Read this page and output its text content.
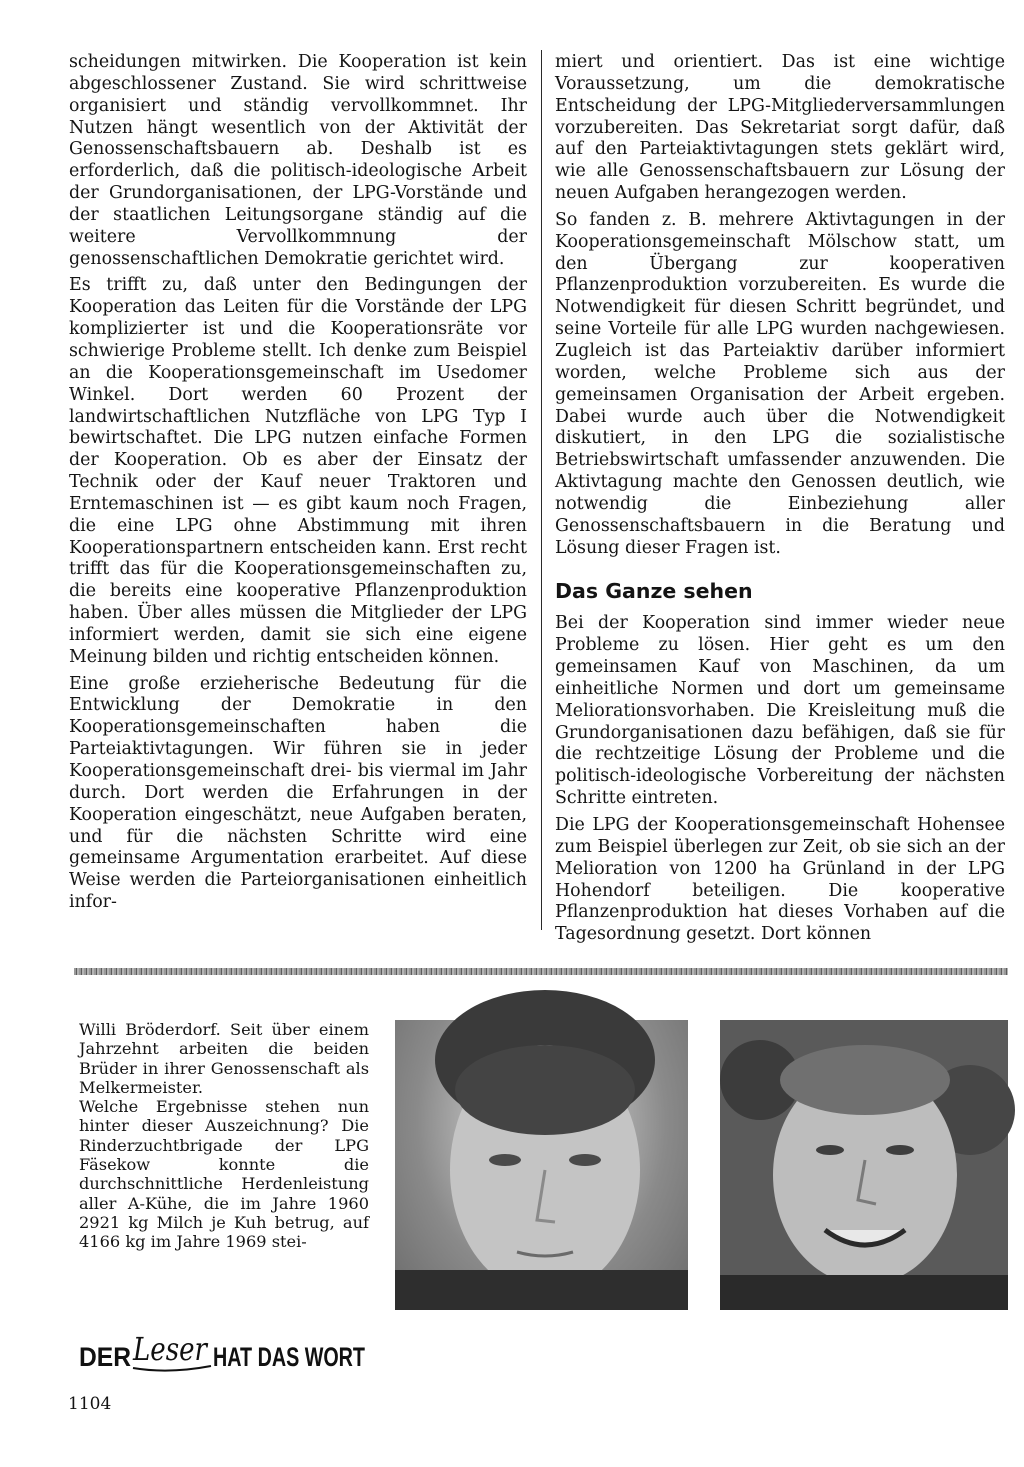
scheidungen mitwirken. Die Kooperation ist kein abgeschlossener Zustand. Sie wird schrittweise organisiert und ständig vervollkommnet. Ihr Nutzen hängt wesentlich von der Aktivität der Genossenschaftsbauern ab. Deshalb ist es erforderlich, daß die politisch-ideologische Arbeit der Grundorganisationen, der LPG-Vorstände und der staatlichen Leitungsorgane ständig auf die weitere Vervollkommnung der genossenschaftlichen Demokratie gerichtet wird.

Es trifft zu, daß unter den Bedingungen der Kooperation das Leiten für die Vorstände der LPG komplizierter ist und die Kooperationsräte vor schwierige Probleme stellt. Ich denke zum Beispiel an die Kooperationsgemeinschaft im Usedomer Winkel. Dort werden 60 Prozent der landwirtschaftlichen Nutzfläche von LPG Typ I bewirtschaftet. Die LPG nutzen einfache Formen der Kooperation. Ob es aber der Einsatz der Technik oder der Kauf neuer Traktoren und Erntemaschinen ist — es gibt kaum noch Fragen, die eine LPG ohne Abstimmung mit ihren Kooperationspartnern entscheiden kann. Erst recht trifft das für die Kooperationsgemeinschaften zu, die bereits eine kooperative Pflanzenproduktion haben. Über alles müssen die Mitglieder der LPG informiert werden, damit sie sich eine eigene Meinung bilden und richtig entscheiden können.

Eine große erzieherische Bedeutung für die Entwicklung der Demokratie in den Kooperationsgemeinschaften haben die Parteiaktivtagungen. Wir führen sie in jeder Kooperationsgemeinschaft drei- bis viermal im Jahr durch. Dort werden die Erfahrungen in der Kooperation eingeschätzt, neue Aufgaben beraten, und für die nächsten Schritte wird eine gemeinsame Argumentation erarbeitet. Auf diese Weise werden die Parteiorganisationen einheitlich infor-

miert und orientiert. Das ist eine wichtige Voraussetzung, um die demokratische Entscheidung der LPG-Mitgliederversammlungen vorzubereiten. Das Sekretariat sorgt dafür, daß auf den Parteiaktivtagungen stets geklärt wird, wie alle Genossenschaftsbauern zur Lösung der neuen Aufgaben herangezogen werden.

So fanden z. B. mehrere Aktivtagungen in der Kooperationsgemeinschaft Mölschow statt, um den Übergang zur kooperativen Pflanzenproduktion vorzubereiten. Es wurde die Notwendigkeit für diesen Schritt begründet, und seine Vorteile für alle LPG wurden nachgewiesen. Zugleich ist das Parteiaktiv darüber informiert worden, welche Probleme sich aus der gemeinsamen Organisation der Arbeit ergeben. Dabei wurde auch über die Notwendigkeit diskutiert, in den LPG die sozialistische Betriebswirtschaft umfassender anzuwenden. Die Aktivtagung machte den Genossen deutlich, wie notwendig die Einbeziehung aller Genossenschaftsbauern in die Beratung und Lösung dieser Fragen ist.

Das Ganze sehen

Bei der Kooperation sind immer wieder neue Probleme zu lösen. Hier geht es um den gemeinsamen Kauf von Maschinen, da um einheitliche Normen und dort um gemeinsame Meliorationsvorhaben. Die Kreisleitung muß die Grundorganisationen dazu befähigen, daß sie für die rechtzeitige Lösung der Probleme und die politisch-ideologische Vorbereitung der nächsten Schritte eintreten.

Die LPG der Kooperationsgemeinschaft Hohensee zum Beispiel überlegen zur Zeit, ob sie sich an der Melioration von 1200 ha Grünland in der LPG Hohendorf beteiligen. Die kooperative Pflanzenproduktion hat dieses Vorhaben auf die Tagesordnung gesetzt. Dort können

Willi Bröderdorf. Seit über einem Jahrzehnt arbeiten die beiden Brüder in ihrer Genossenschaft als Melkermeister.

Welche Ergebnisse stehen nun hinter dieser Auszeichnung? Die Rinderzuchtbrigade der LPG Fäsekow konnte die durchschnittliche Herdenleistung aller A-Kühe, die im Jahre 1960 2921 kg Milch je Kuh betrug, auf 4166 kg im Jahre 1969 stei-

DER Leser HAT DAS WORT
1104
